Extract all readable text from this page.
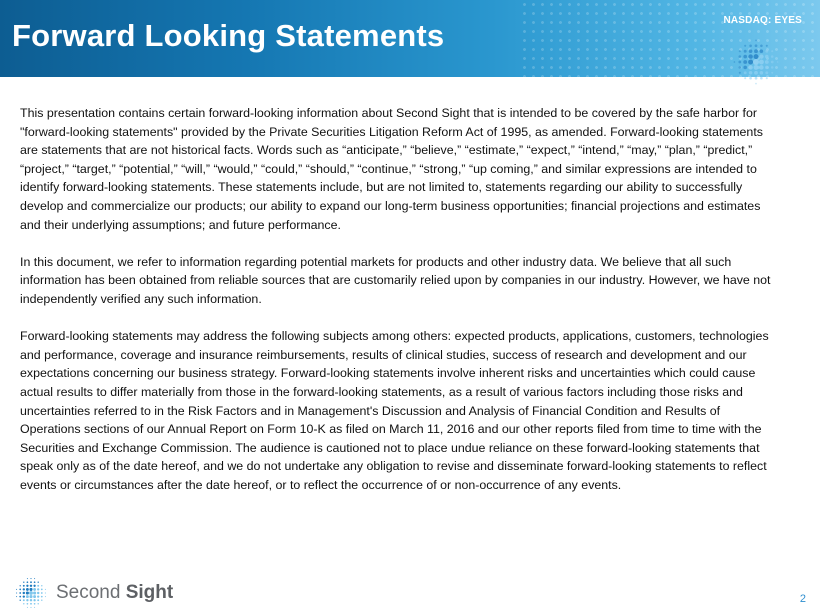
Forward Looking Statements	NASDAQ: EYES

This presentation contains certain forward-looking information about Second Sight that is intended to be covered by the safe harbor for "forward-looking statements" provided by the Private Securities Litigation Reform Act of 1995, as amended. Forward-looking statements are statements that are not historical facts. Words such as “anticipate,” “believe,” “estimate,” “expect,” “intend,” “may,” “plan,” “predict,” “project,” “target,” “potential,” “will,” “would,” “could,” “should,” “continue,” “strong,” “up coming,” and similar expressions are intended to identify forward-looking statements. These statements include, but are not limited to, statements regarding our ability to successfully develop and commercialize our products; our ability to expand our long-term business opportunities; financial projections and estimates and their underlying assumptions; and future performance.

In this document, we refer to information regarding potential markets for products and other industry data. We believe that all such information has been obtained from reliable sources that are customarily relied upon by companies in our industry. However, we have not independently verified any such information.

Forward-looking statements may address the following subjects among others: expected products, applications, customers, technologies and performance, coverage and insurance reimbursements, results of clinical studies, success of research and development and our expectations concerning our business strategy. Forward-looking statements involve inherent risks and uncertainties which could cause actual results to differ materially from those in the forward-looking statements, as a result of various factors including those risks and uncertainties referred to in the Risk Factors and in Management's Discussion and Analysis of Financial Condition and Results of Operations sections of our Annual Report on Form 10-K as filed on March 11, 2016 and our other reports filed from time to time with the Securities and Exchange Commission. The audience is cautioned not to place undue reliance on these forward-looking statements that speak only as of the date hereof, and we do not undertake any obligation to revise and disseminate forward-looking statements to reflect events or circumstances after the date hereof, or to reflect the occurrence of or non-occurrence of any events.

Second Sight	2
